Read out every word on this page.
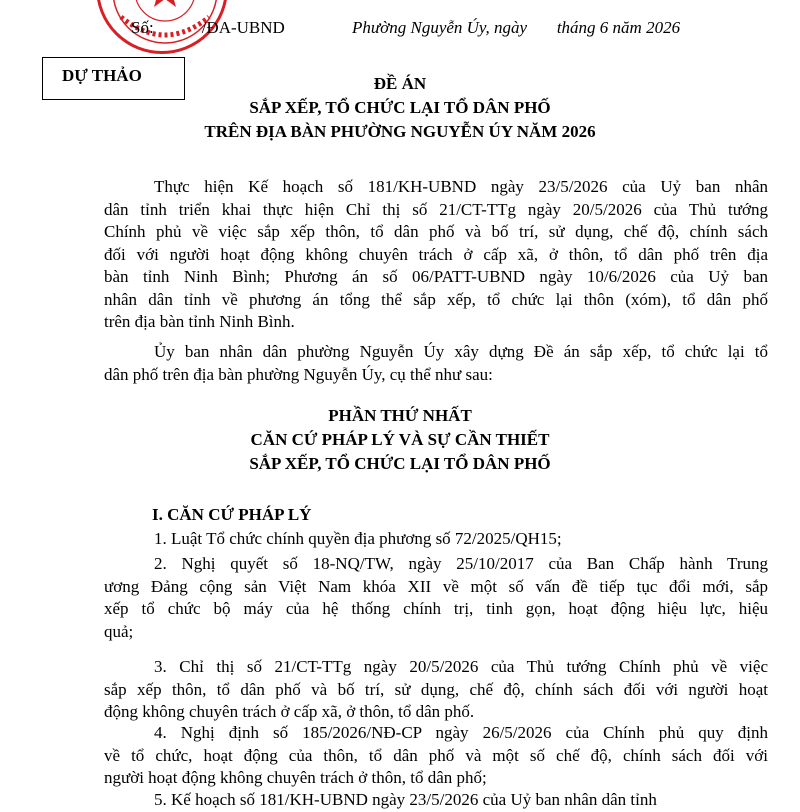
Số:	/ĐA-UBND	Phường Nguyễn Úy, ngày       tháng 6 năm 2026
DỰ THẢO	ĐỀ ÁN
SẮP XẾP, TỔ CHỨC LẠI TỔ DÂN PHỐ
TRÊN ĐỊA BÀN PHƯỜNG NGUYỄN ÚY NĂM 2026
Thực hiện Kế hoạch số 181/KH-UBND ngày 23/5/2026 của Uỷ ban nhân
dân tỉnh triển khai thực hiện Chỉ thị số 21/CT-TTg ngày 20/5/2026 của Thủ tướng
Chính phủ về việc sắp xếp thôn, tổ dân phố và bố trí, sử dụng, chế độ, chính sách
đối với người hoạt động không chuyên trách ở cấp xã, ở thôn, tổ dân phố trên địa
bàn tỉnh Ninh Bình; Phương án số 06/PATT-UBND ngày 10/6/2026 của Uỷ ban
nhân dân tỉnh về phương án tổng thể sắp xếp, tổ chức lại thôn (xóm), tổ dân phố
trên địa bàn tỉnh Ninh Bình.
Ủy ban nhân dân phường Nguyễn Úy xây dựng Đề án sắp xếp, tổ chức lại tổ
dân phố trên địa bàn phường Nguyễn Úy, cụ thể như sau:
PHẦN THỨ NHẤT
CĂN CỨ PHÁP LÝ VÀ SỰ CẦN THIẾT
SẮP XẾP, TỔ CHỨC LẠI TỔ DÂN PHỐ
I. CĂN CỨ PHÁP LÝ
1. Luật Tổ chức chính quyền địa phương số 72/2025/QH15;
2. Nghị quyết số 18-NQ/TW, ngày 25/10/2017 của Ban Chấp hành Trung
ương Đảng cộng sản Việt Nam khóa XII về một số vấn đề tiếp tục đổi mới, sắp
xếp tổ chức bộ máy của hệ thống chính trị, tinh gọn, hoạt động hiệu lực, hiệu
quả;
3. Chỉ thị số 21/CT-TTg ngày 20/5/2026 của Thủ tướng Chính phủ về việc
sắp xếp thôn, tổ dân phố và bố trí, sử dụng, chế độ, chính sách đối với người hoạt
động không chuyên trách ở cấp xã, ở thôn, tổ dân phố.
4. Nghị định số 185/2026/NĐ-CP ngày 26/5/2026 của Chính phủ quy định
về tổ chức, hoạt động của thôn, tổ dân phố và một số chế độ, chính sách đối với
người hoạt động không chuyên trách ở thôn, tổ dân phố;
5. Kế hoạch số 181/KH-UBND ngày 23/5/2026 của Uỷ ban nhân dân tỉnh
